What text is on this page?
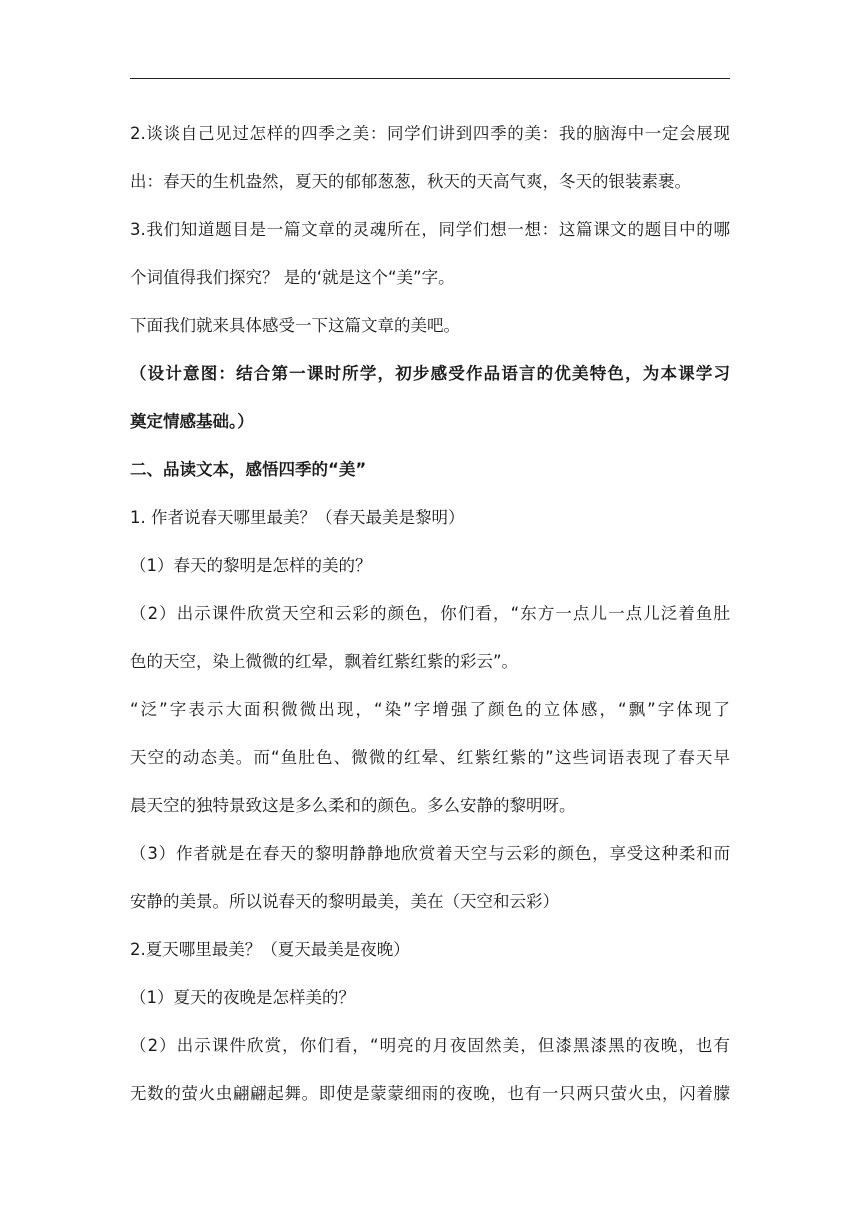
2.谈谈自己见过怎样的四季之美：同学们讲到四季的美：我的脑海中一定会展现
出：春天的生机盎然，夏天的郁郁葱葱，秋天的天高气爽，冬天的银装素裹。
3.我们知道题目是一篇文章的灵魂所在，同学们想一想：这篇课文的题目中的哪
个词值得我们探究？ 是的‘就是这个“美”字。
下面我们就来具体感受一下这篇文章的美吧。
（设计意图：结合第一课时所学，初步感受作品语言的优美特色，为本课学习
奠定情感基础。）
二、品读文本，感悟四季的“美”
1. 作者说春天哪里最美？（春天最美是黎明）
（1）春天的黎明是怎样的美的？
（2）出示课件欣赏天空和云彩的颜色，你们看，“东方一点儿一点儿泛着鱼肚
色的天空，染上微微的红晕，飘着红紫红紫的彩云”。
“泛”字表示大面积微微出现，“染”字增强了颜色的立体感，“飘”字体现了
天空的动态美。而“鱼肚色、微微的红晕、红紫红紫的”这些词语表现了春天早
晨天空的独特景致这是多么柔和的颜色。多么安静的黎明呀。
（3）作者就是在春天的黎明静静地欣赏着天空与云彩的颜色，享受这种柔和而
安静的美景。所以说春天的黎明最美，美在（天空和云彩）
2.夏天哪里最美？（夏天最美是夜晚）
（1）夏天的夜晚是怎样美的？
（2）出示课件欣赏，你们看，“明亮的月夜固然美，但漆黑漆黑的夜晚，也有
无数的萤火虫翩翩起舞。即使是蒙蒙细雨的夜晚，也有一只两只萤火虫，闪着朦
